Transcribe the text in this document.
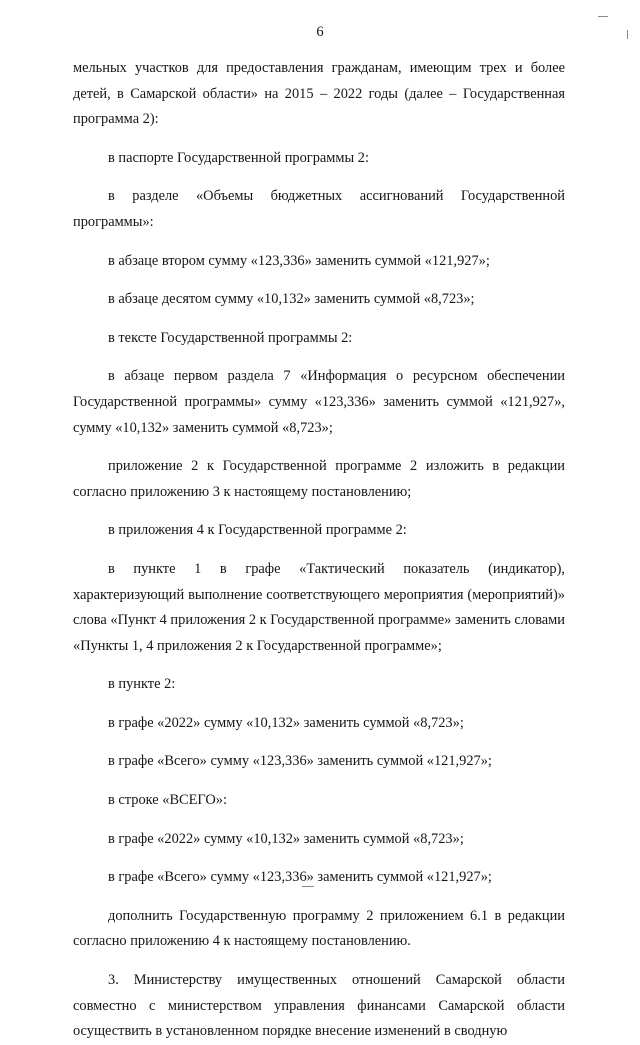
6

мельных участков для предоставления гражданам, имеющим трех и более детей, в Самарской области» на 2015 – 2022 годы (далее – Государственная программа 2):

в паспорте Государственной программы 2:

в разделе «Объемы бюджетных ассигнований Государственной программы»:

в абзаце втором сумму «123,336» заменить суммой «121,927»;

в абзаце десятом сумму «10,132» заменить суммой «8,723»;

в тексте Государственной программы 2:

в абзаце первом раздела 7 «Информация о ресурсном обеспечении Государственной программы» сумму «123,336» заменить суммой «121,927», сумму «10,132» заменить суммой «8,723»;

приложение 2 к Государственной программе 2 изложить в редакции согласно приложению 3 к настоящему постановлению;

в приложения 4 к Государственной программе 2:

в пункте 1 в графе «Тактический показатель (индикатор), характеризующий выполнение соответствующего мероприятия (мероприятий)» слова «Пункт 4 приложения 2 к Государственной программе» заменить словами «Пункты 1, 4 приложения 2 к Государственной программе»;

в пункте 2:

в графе «2022» сумму «10,132» заменить суммой «8,723»;

в графе «Всего» сумму «123,336» заменить суммой «121,927»;

в строке «ВСЕГО»:

в графе «2022» сумму «10,132» заменить суммой «8,723»;

в графе «Всего» сумму «123,336» заменить суммой «121,927»;

дополнить Государственную программу 2 приложением 6.1 в редакции согласно приложению 4 к настоящему постановлению.

3. Министерству имущественных отношений Самарской области совместно с министерством управления финансами Самарской области осуществить в установленном порядке внесение изменений в сводную
